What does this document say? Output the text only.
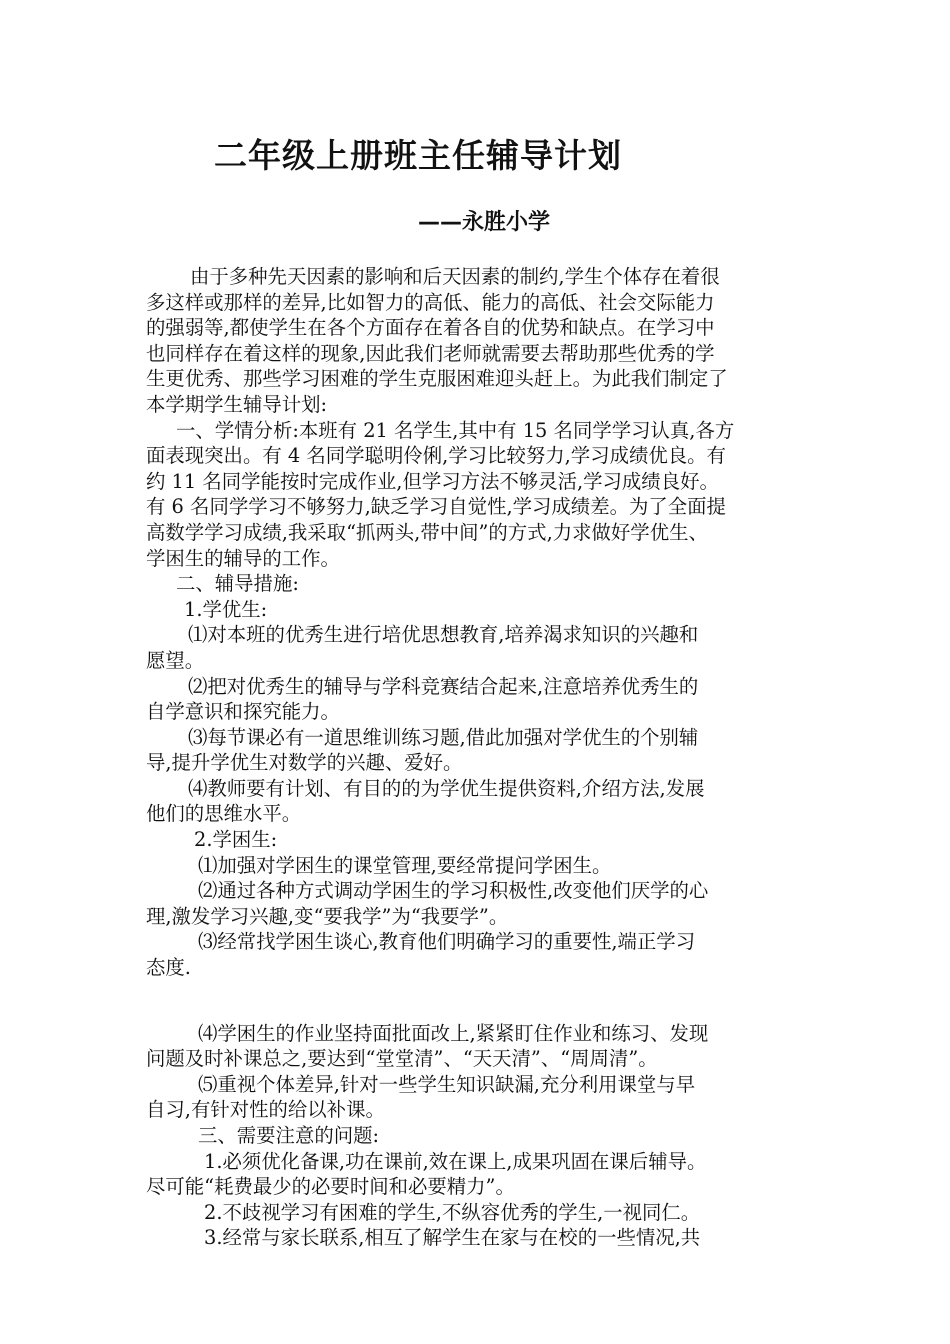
二年级上册班主任辅导计划
——永胜小学
由于多种先天因素的影响和后天因素的制约,学生个体存在着很
多这样或那样的差异,比如智力的高低、能力的高低、社会交际能力
的强弱等,都使学生在各个方面存在着各自的优势和缺点。在学习中
也同样存在着这样的现象,因此我们老师就需要去帮助那些优秀的学
生更优秀、那些学习困难的学生克服困难迎头赶上。为此我们制定了
本学期学生辅导计划:
一、学情分析:本班有 21 名学生,其中有 15 名同学学习认真,各方
面表现突出。有 4 名同学聪明伶俐,学习比较努力,学习成绩优良。有
约 11 名同学能按时完成作业,但学习方法不够灵活,学习成绩良好。
有 6 名同学学习不够努力,缺乏学习自觉性,学习成绩差。为了全面提
高数学学习成绩,我采取“抓两头,带中间”的方式,力求做好学优生、
学困生的辅导的工作。
二、辅导措施:
1.学优生:
⑴对本班的优秀生进行培优思想教育,培养渴求知识的兴趣和
愿望。
⑵把对优秀生的辅导与学科竞赛结合起来,注意培养优秀生的
自学意识和探究能力。
⑶每节课必有一道思维训练习题,借此加强对学优生的个别辅
导,提升学优生对数学的兴趣、爱好。
⑷教师要有计划、有目的的为学优生提供资料,介绍方法,发展
他们的思维水平。
2.学困生:
⑴加强对学困生的课堂管理,要经常提问学困生。
⑵通过各种方式调动学困生的学习积极性,改变他们厌学的心
理,激发学习兴趣,变“要我学”为“我要学”。
⑶经常找学困生谈心,教育他们明确学习的重要性,端正学习
态度.
⑷学困生的作业坚持面批面改上,紧紧盯住作业和练习、发现
问题及时补课总之,要达到“堂堂清”、“天天清”、“周周清”。
⑸重视个体差异,针对一些学生知识缺漏,充分利用课堂与早
自习,有针对性的给以补课。
三、需要注意的问题:
1.必须优化备课,功在课前,效在课上,成果巩固在课后辅导。
尽可能“耗费最少的必要时间和必要精力”。
2.不歧视学习有困难的学生,不纵容优秀的学生,一视同仁。
3.经常与家长联系,相互了解学生在家与在校的一些情况,共
